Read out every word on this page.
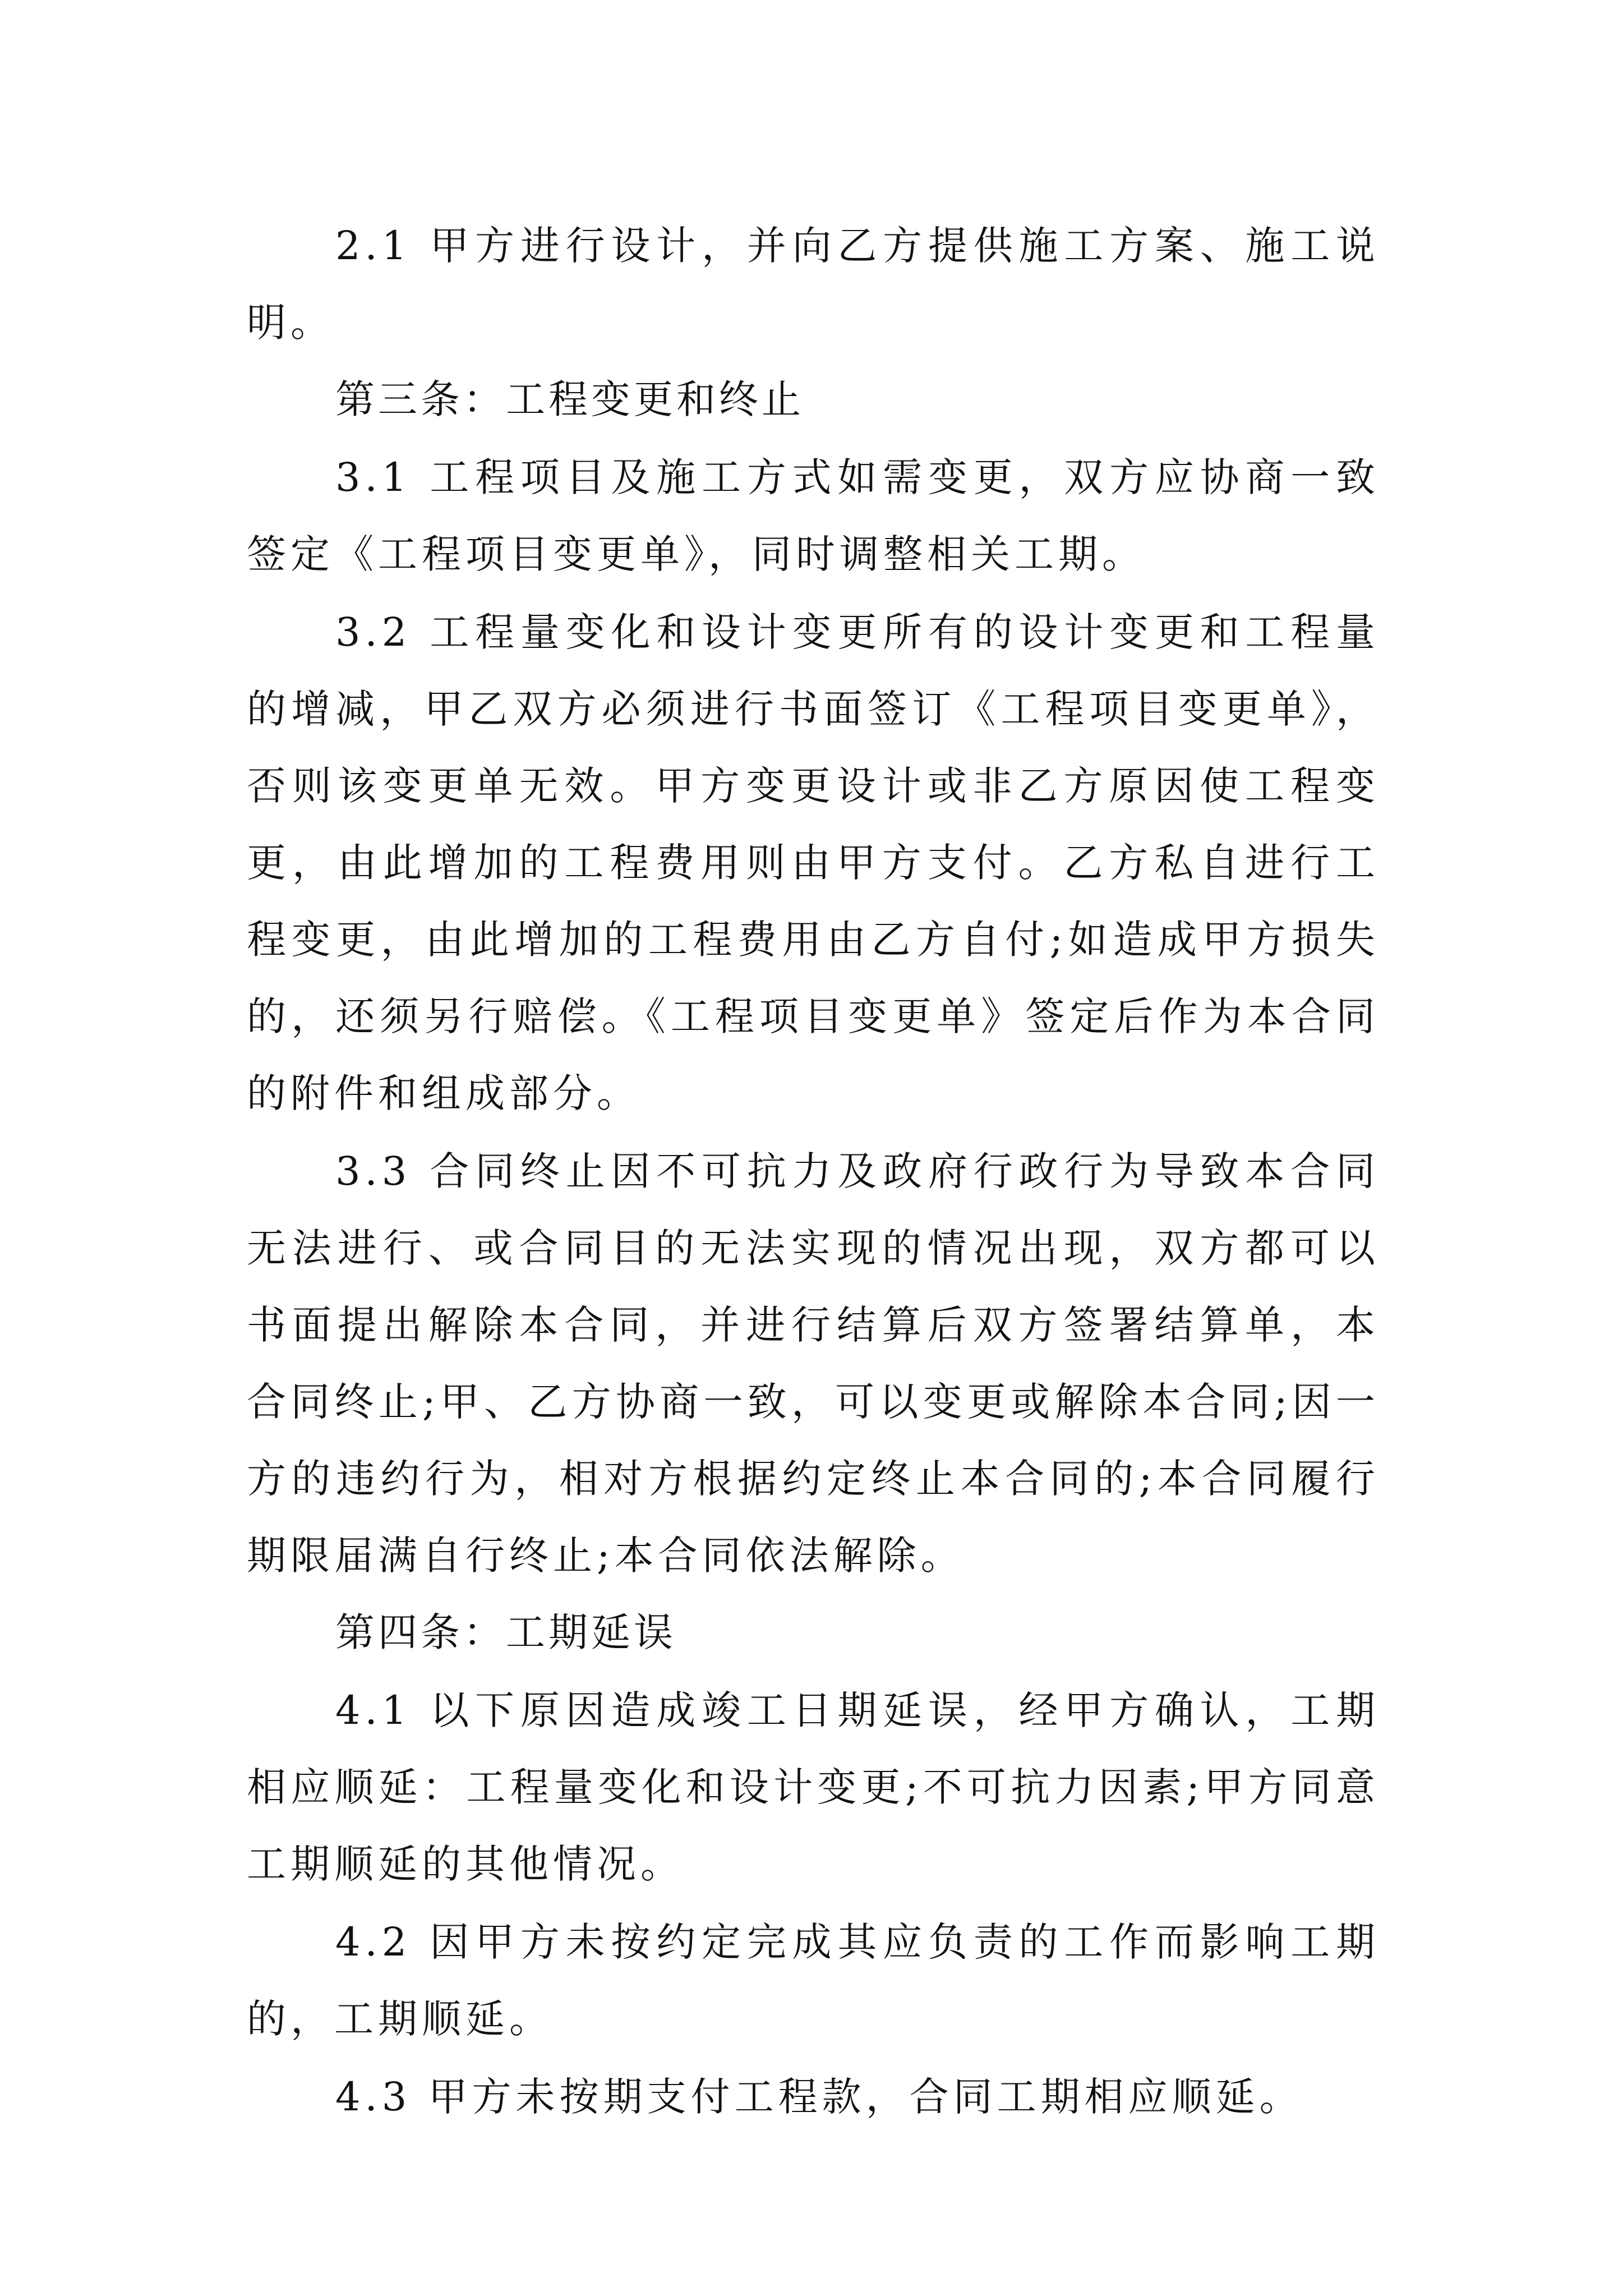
2.1 甲方进行设计，并向乙方提供施工方案、施工说明。

第三条：工程变更和终止

3.1 工程项目及施工方式如需变更，双方应协商一致签定《工程项目变更单》，同时调整相关工期。

3.2 工程量变化和设计变更所有的设计变更和工程量的增减，甲乙双方必须进行书面签订《工程项目变更单》，否则该变更单无效。甲方变更设计或非乙方原因使工程变更，由此增加的工程费用则由甲方支付。乙方私自进行工程变更，由此增加的工程费用由乙方自付;如造成甲方损失的，还须另行赔偿。《工程项目变更单》签定后作为本合同的附件和组成部分。

3.3 合同终止因不可抗力及政府行政行为导致本合同无法进行、或合同目的无法实现的情况出现，双方都可以书面提出解除本合同，并进行结算后双方签署结算单，本合同终止;甲、乙方协商一致，可以变更或解除本合同;因一方的违约行为，相对方根据约定终止本合同的;本合同履行期限届满自行终止;本合同依法解除。

第四条：工期延误

4.1 以下原因造成竣工日期延误，经甲方确认，工期相应顺延：工程量变化和设计变更;不可抗力因素;甲方同意工期顺延的其他情况。

4.2 因甲方未按约定完成其应负责的工作而影响工期的，工期顺延。

4.3 甲方未按期支付工程款，合同工期相应顺延。
